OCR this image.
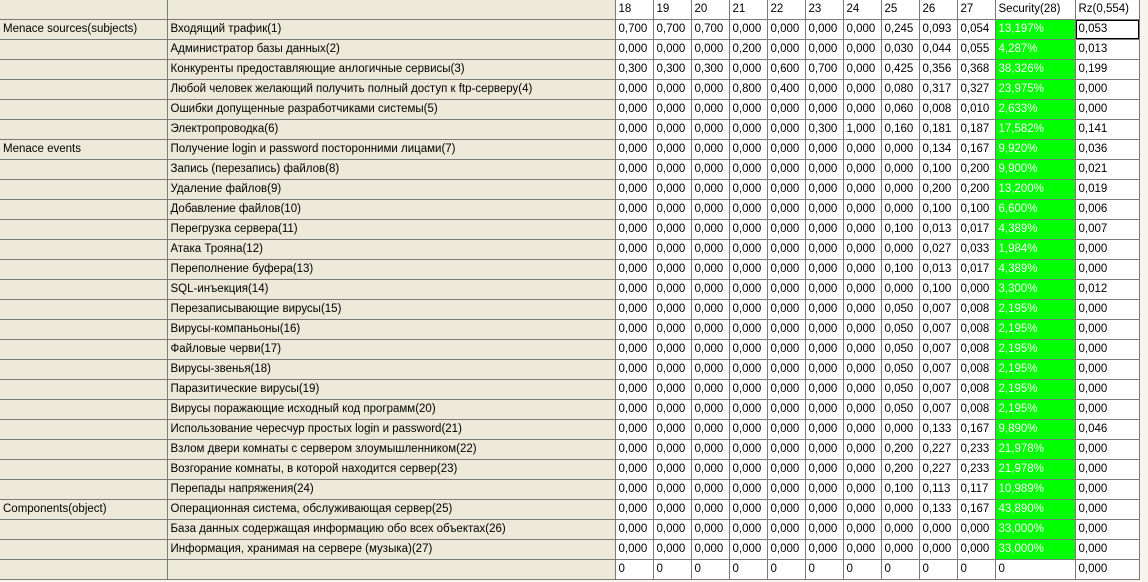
		18	19	20	21	22	23	24	25	26	27	Security(28)	Rz(0,554)
Menace sources(subjects)	Входящий трафик(1)	0,700	0,700	0,700	0,000	0,000	0,000	0,000	0,245	0,093	0,054	13,197%	0,053
	Администратор базы данных(2)	0,000	0,000	0,000	0,200	0,000	0,000	0,000	0,030	0,044	0,055	4,287%	0,013
	Конкуренты предоставляющие анлогичные сервисы(3)	0,300	0,300	0,300	0,000	0,600	0,700	0,000	0,425	0,356	0,368	38,326%	0,199
	Любой человек желающий получить полный доступ к ftp-серверу(4)	0,000	0,000	0,000	0,800	0,400	0,000	0,000	0,080	0,317	0,327	23,975%	0,000
	Ошибки допущенные разработчиками системы(5)	0,000	0,000	0,000	0,000	0,000	0,000	0,000	0,060	0,008	0,010	2,633%	0,000
	Электропроводка(6)	0,000	0,000	0,000	0,000	0,000	0,300	1,000	0,160	0,181	0,187	17,582%	0,141
Menace events	Получение login и password посторонними лицами(7)	0,000	0,000	0,000	0,000	0,000	0,000	0,000	0,000	0,134	0,167	9,920%	0,036
	Запись (перезапись) файлов(8)	0,000	0,000	0,000	0,000	0,000	0,000	0,000	0,000	0,100	0,200	9,900%	0,021
	Удаление файлов(9)	0,000	0,000	0,000	0,000	0,000	0,000	0,000	0,000	0,200	0,200	13,200%	0,019
	Добавление файлов(10)	0,000	0,000	0,000	0,000	0,000	0,000	0,000	0,000	0,100	0,100	6,600%	0,006
	Перегрузка сервера(11)	0,000	0,000	0,000	0,000	0,000	0,000	0,000	0,100	0,013	0,017	4,389%	0,007
	Атака Трояна(12)	0,000	0,000	0,000	0,000	0,000	0,000	0,000	0,000	0,027	0,033	1,984%	0,000
	Переполнение буфера(13)	0,000	0,000	0,000	0,000	0,000	0,000	0,000	0,100	0,013	0,017	4,389%	0,000
	SQL-инъекция(14)	0,000	0,000	0,000	0,000	0,000	0,000	0,000	0,000	0,100	0,000	3,300%	0,012
	Перезаписывающие вирусы(15)	0,000	0,000	0,000	0,000	0,000	0,000	0,000	0,050	0,007	0,008	2,195%	0,000
	Вирусы-компаньоны(16)	0,000	0,000	0,000	0,000	0,000	0,000	0,000	0,050	0,007	0,008	2,195%	0,000
	Файловые черви(17)	0,000	0,000	0,000	0,000	0,000	0,000	0,000	0,050	0,007	0,008	2,195%	0,000
	Вирусы-звенья(18)	0,000	0,000	0,000	0,000	0,000	0,000	0,000	0,050	0,007	0,008	2,195%	0,000
	Паразитические вирусы(19)	0,000	0,000	0,000	0,000	0,000	0,000	0,000	0,050	0,007	0,008	2,195%	0,000
	Вирусы поражающие исходный код программ(20)	0,000	0,000	0,000	0,000	0,000	0,000	0,000	0,050	0,007	0,008	2,195%	0,000
	Использование чересчур простых login и password(21)	0,000	0,000	0,000	0,000	0,000	0,000	0,000	0,000	0,133	0,167	9,890%	0,046
	Взлом двери комнаты с сервером злоумышленником(22)	0,000	0,000	0,000	0,000	0,000	0,000	0,000	0,200	0,227	0,233	21,978%	0,000
	Возгорание комнаты, в которой находится сервер(23)	0,000	0,000	0,000	0,000	0,000	0,000	0,000	0,200	0,227	0,233	21,978%	0,000
	Перепады напряжения(24)	0,000	0,000	0,000	0,000	0,000	0,000	0,000	0,100	0,113	0,117	10,989%	0,000
Components(object)	Операционная система, обслуживающая сервер(25)	0,000	0,000	0,000	0,000	0,000	0,000	0,000	0,000	0,133	0,167	43,890%	0,000
	База данных содержащая информацию обо всех объектах(26)	0,000	0,000	0,000	0,000	0,000	0,000	0,000	0,000	0,000	0,000	33,000%	0,000
	Информация, хранимая на сервере (музыка)(27)	0,000	0,000	0,000	0,000	0,000	0,000	0,000	0,000	0,000	0,000	33,000%	0,000
		0	0	0	0	0	0	0	0	0	0	0	0,000
